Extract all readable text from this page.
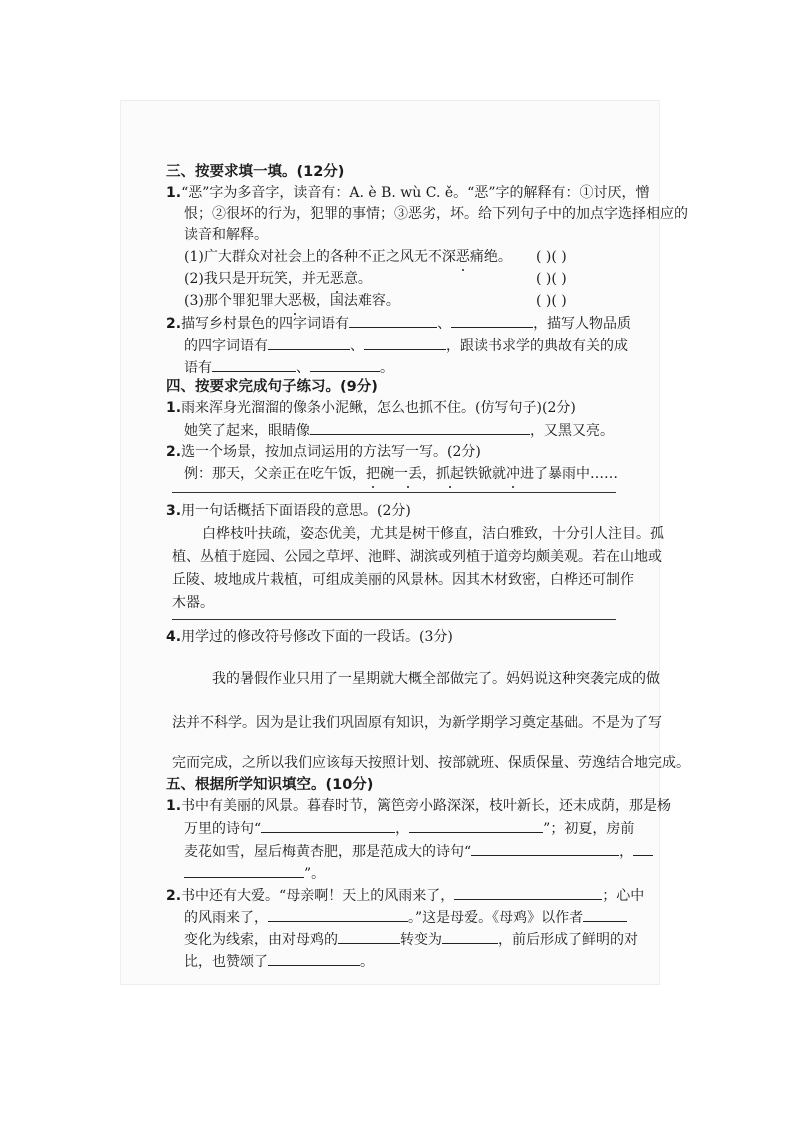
三、按要求填一填。(12分)
1.“恶”字为多音字，读音有：A. è B. wù C. ě。“恶”字的解释有：①讨厌，憎
恨；②很坏的行为，犯罪的事情；③恶劣，坏。给下列句子中的加点字选择相应的
读音和解释。
(1)广大群众对社会上的各种不正之风无不深恶痛绝。 ( )( )
(2)我只是开玩笑，并无恶意。	( )( )
(3)那个罪犯罪大恶极，国法难容。	( )( )
2.描写乡村景色的四字词语有	、	，描写人物品质
的四字词语有	、	，跟读书求学的典故有关的成
语有	、	。
四、按要求完成句子练习。(9分)
1.雨来浑身光溜溜的像条小泥鳅，怎么也抓不住。(仿写句子)(2分)
她笑了起来，眼睛像	，又黑又亮。
2.选一个场景，按加点词运用的方法写一写。(2分)
例：那天，父亲正在吃午饭，把碗一丢，抓起铁锨就冲进了暴雨中……
3.用一句话概括下面语段的意思。(2分)
白桦枝叶扶疏，姿态优美，尤其是树干修直，洁白雅致，十分引人注目。孤
植、丛植于庭园、公园之草坪、池畔、湖滨或列植于道旁均颇美观。若在山地或
丘陵、坡地成片栽植，可组成美丽的风景林。因其木材致密，白桦还可制作
木器。
4.用学过的修改符号修改下面的一段话。(3分)
我的暑假作业只用了一星期就大概全部做完了。妈妈说这种突袭完成的做
法并不科学。因为是让我们巩固原有知识，为新学期学习奠定基础。不是为了写
完而完成，之所以我们应该每天按照计划、按部就班、保质保量、劳逸结合地完成。
五、根据所学知识填空。(10分)
1.书中有美丽的风景。暮春时节，篱笆旁小路深深，枝叶新长，还未成荫，那是杨
万里的诗句“	，	”；初夏，房前
麦花如雪，屋后梅黄杏肥，那是范成大的诗句“	，
”。
2.书中还有大爱。“母亲啊！天上的风雨来了，	；心中
的风雨来了，	。”这是母爱。《母鸡》以作者
变化为线索，由对母鸡的	转变为	，前后形成了鲜明的对
比，也赞颂了	。
